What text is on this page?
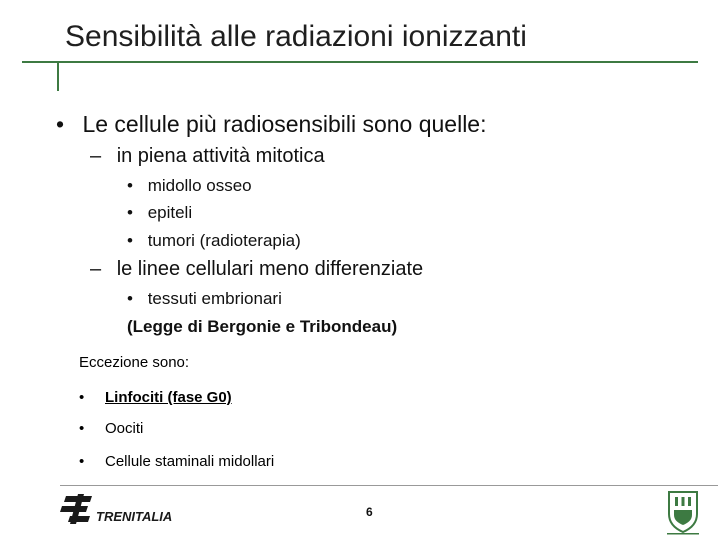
Sensibilità alle radiazioni ionizzanti
• Le cellule più radiosensibili sono quelle:
– in piena attività mitotica
• midollo osseo
• epiteli
• tumori (radioterapia)
– le linee cellulari meno differenziate
• tessuti embrionari
(Legge di Bergonie e Tribondeau)
Eccezione sono:
• Linfociti (fase G0)
• Oociti
• Cellule staminali midollari
TRENITALIA	6
